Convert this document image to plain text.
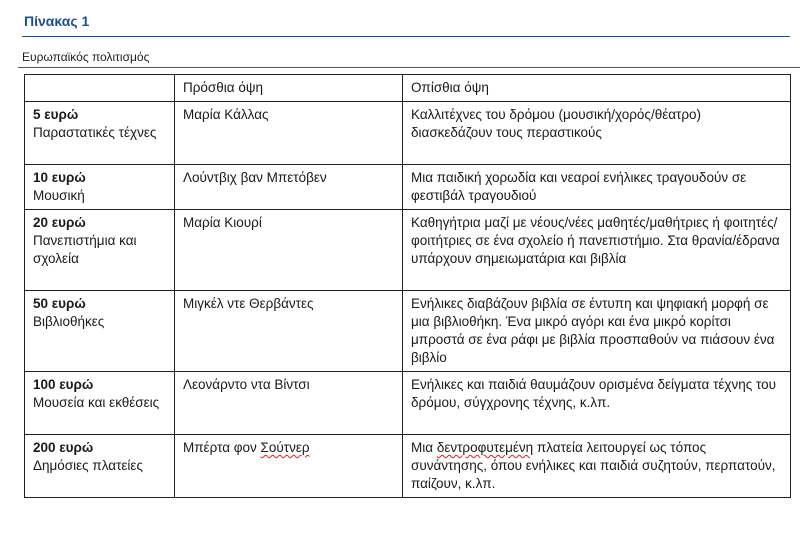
Πίνακας 1
Ευρωπαϊκός πολιτισμός
	Πρόσθια όψη	Οπίσθια όψη

5 ευρώ
Παραστατικές τέχνες	Μαρία Κάλλας	Καλλιτέχνες του δρόμου (μουσική/χορός/θέατρο) διασκεδάζουν τους περαστικούς

10 ευρώ
Μουσική	Λούντβιχ βαν Μπετόβεν	Μια παιδική χορωδία και νεαροί ενήλικες τραγουδούν σε φεστιβάλ τραγουδιού

20 ευρώ
Πανεπιστήμια και σχολεία	Μαρία Κιουρί	Καθηγήτρια μαζί με νέους/νέες μαθητές/μαθήτριες ή φοιτητές/φοιτήτριες σε ένα σχολείο ή πανεπιστήμιο. Στα θρανία/έδρανα υπάρχουν σημειωματάρια και βιβλία

50 ευρώ
Βιβλιοθήκες	Μιγκέλ ντε Θερβάντες	Ενήλικες διαβάζουν βιβλία σε έντυπη και ψηφιακή μορφή σε μια βιβλιοθήκη. Ένα μικρό αγόρι και ένα μικρό κορίτσι μπροστά σε ένα ράφι με βιβλία προσπαθούν να πιάσουν ένα βιβλίο

100 ευρώ
Μουσεία και εκθέσεις	Λεονάρντο ντα Βίντσι	Ενήλικες και παιδιά θαυμάζουν ορισμένα δείγματα τέχνης του δρόμου, σύγχρονης τέχνης, κ.λπ.

200 ευρώ
Δημόσιες πλατείες	Μπέρτα φον Σούτνερ	Μια δεντροφυτεμένη πλατεία λειτουργεί ως τόπος συνάντησης, όπου ενήλικες και παιδιά συζητούν, περπατούν, παίζουν, κ.λπ.
